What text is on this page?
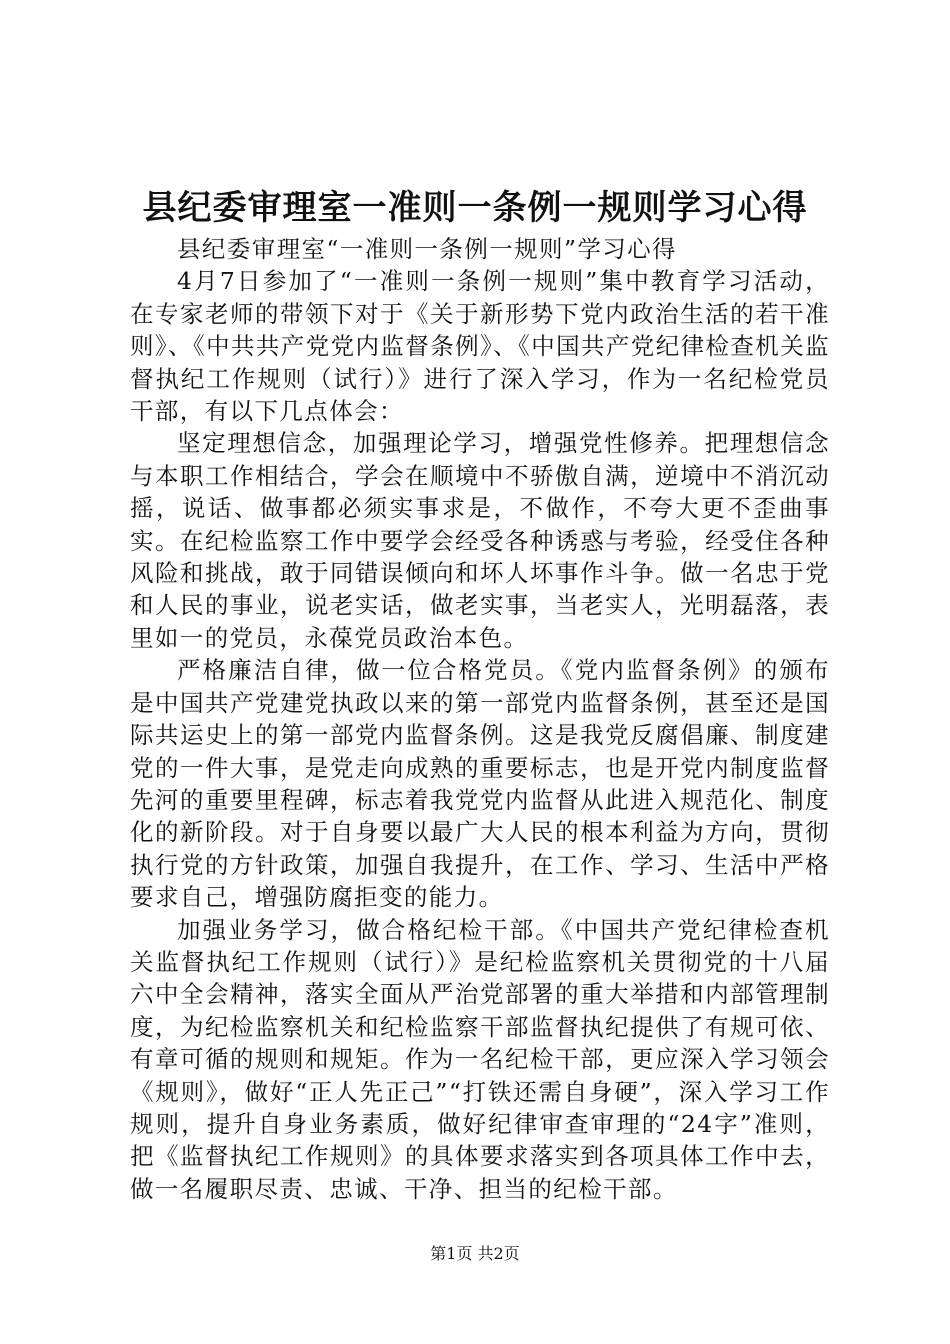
县纪委审理室一准则一条例一规则学习心得

县纪委审理室“一准则一条例一规则”学习心得

4月7日参加了“一准则一条例一规则”集中教育学习活动，在专家老师的带领下对于《关于新形势下党内政治生活的若干准则》、《中共共产党党内监督条例》、《中国共产党纪律检查机关监督执纪工作规则（试行）》进行了深入学习，作为一名纪检党员干部，有以下几点体会：

坚定理想信念，加强理论学习，增强党性修养。把理想信念与本职工作相结合，学会在顺境中不骄傲自满，逆境中不消沉动摇，说话、做事都必须实事求是，不做作，不夸大更不歪曲事实。在纪检监察工作中要学会经受各种诱惑与考验，经受住各种风险和挑战，敢于同错误倾向和坏人坏事作斗争。做一名忠于党和人民的事业，说老实话，做老实事，当老实人，光明磊落，表里如一的党员，永葆党员政治本色。

严格廉洁自律，做一位合格党员。《党内监督条例》的颁布是中国共产党建党执政以来的第一部党内监督条例，甚至还是国际共运史上的第一部党内监督条例。这是我党反腐倡廉、制度建党的一件大事，是党走向成熟的重要标志，也是开党内制度监督先河的重要里程碑，标志着我党党内监督从此进入规范化、制度化的新阶段。对于自身要以最广大人民的根本利益为方向，贯彻执行党的方针政策，加强自我提升，在工作、学习、生活中严格要求自己，增强防腐拒变的能力。

加强业务学习，做合格纪检干部。《中国共产党纪律检查机关监督执纪工作规则（试行）》是纪检监察机关贯彻党的十八届六中全会精神，落实全面从严治党部署的重大举措和内部管理制度，为纪检监察机关和纪检监察干部监督执纪提供了有规可依、有章可循的规则和规矩。作为一名纪检干部，更应深入学习领会《规则》，做好“正人先正己”“打铁还需自身硬”，深入学习工作规则，提升自身业务素质，做好纪律审查审理的“24字”准则，把《监督执纪工作规则》的具体要求落实到各项具体工作中去，做一名履职尽责、忠诚、干净、担当的纪检干部。

第1页 共2页
